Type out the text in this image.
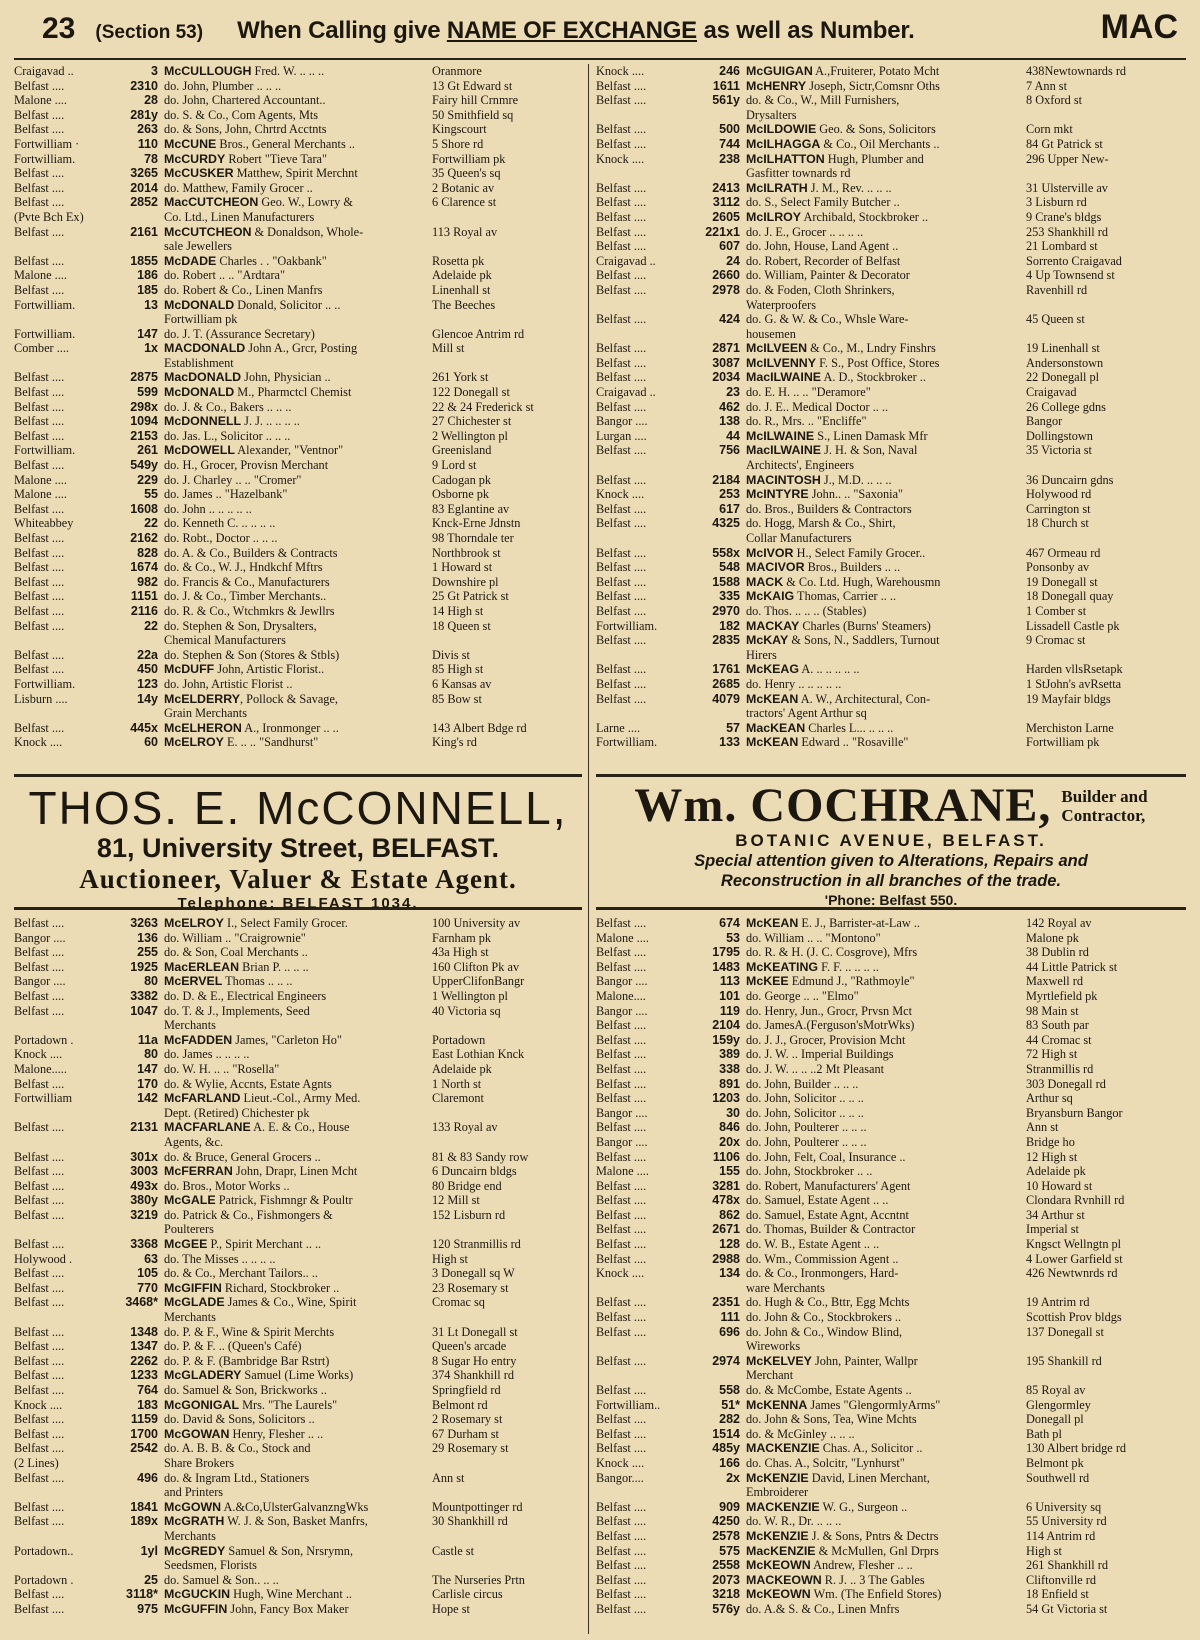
23 (Section 53) When Calling give NAME OF EXCHANGE as well as Number.	MAC
Craigavad ..	3 McCULLOUGH Fred. W. .. .. ..	Oranmore
Belfast ....	2310 do. John, Plumber .. .. ..	13 Gt Edward st
Malone ....	28 do. John, Chartered Accountant..	Fairy hill Crnmre
Belfast ....	281y do. S. & Co., Com Agents, Mts	50 Smithfield sq
Belfast ....	263 do. & Sons, John, Chrtrd Acctnts	Kingscourt
Fortwilliam ·	110 McCUNE Bros., General Merchants ..	5 Shore rd
Fortwilliam.	78 McCURDY Robert "Tieve Tara"	Fortwilliam pk
Belfast ....	3265 McCUSKER Matthew, Spirit Merchnt	35 Queen's sq
Belfast ....	2014 do. Matthew, Family Grocer ..	2 Botanic av
Belfast ....	2852 MacCUTCHEON Geo. W., Lowry &	6 Clarence st
(Pvte Bch Ex)	Co. Ltd., Linen Manufacturers
Belfast ....	2161 McCUTCHEON & Donaldson, Whole-	113 Royal av
sale Jewellers
Belfast ....	1855 McDADE Charles . . "Oakbank"	Rosetta pk
Malone ....	186 do. Robert .. .. "Ardtara"	Adelaide pk
Belfast ....	185 do. Robert & Co., Linen Manfrs	Linenhall st
Fortwilliam.	13 McDONALD Donald, Solicitor .. ..	The Beeches
Fortwilliam pk
Fortwilliam.	147 do. J. T. (Assurance Secretary)	Glencoe Antrim rd
Comber ....	1x MACDONALD John A., Grcr, Posting	Mill st
Establishment
Belfast ....	2875 MacDONALD John, Physician ..	261 York st
Belfast ....	599 McDONALD M., Pharmctcl Chemist	122 Donegall st
Belfast ....	298x do. J. & Co., Bakers .. .. ..	22 & 24 Frederick st
Belfast ....	1094 McDONNELL J. J. .. .. .. ..	27 Chichester st
Belfast ....	2153 do. Jas. L., Solicitor .. .. ..	2 Wellington pl
Fortwilliam.	261 McDOWELL Alexander, "Ventnor"	Greenisland
Belfast ....	549y do. H., Grocer, Provisn Merchant	9 Lord st
Malone ....	229 do. J. Charley .. .. "Cromer"	Cadogan pk
Malone ....	55 do. James .. "Hazelbank"	Osborne pk
Belfast ....	1608 do. John .. .. .. .. ..	83 Eglantine av
Whiteabbey	22 do. Kenneth C. .. .. .. ..	Knck-Erne Jdnstn
Belfast ....	2162 do. Robt., Doctor .. .. ..	98 Thorndale ter
Belfast ....	828 do. A. & Co., Builders & Contracts	Northbrook st
Belfast ....	1674 do. & Co., W. J., Hndkchf Mftrs	1 Howard st
Belfast ....	982 do. Francis & Co., Manufacturers	Downshire pl
Belfast ....	1151 do. J. & Co., Timber Merchants..	25 Gt Patrick st
Belfast ....	2116 do. R. & Co., Wtchmkrs & Jewllrs	14 High st
Belfast ....	22 do. Stephen & Son, Drysalters,	18 Queen st
Chemical Manufacturers
Belfast ....	22a do. Stephen & Son (Stores & Stbls)	Divis st
Belfast ....	450 McDUFF John, Artistic Florist..	85 High st
Fortwilliam.	123 do. John, Artistic Florist ..	6 Kansas av
Lisburn ....	14y McELDERRY, Pollock & Savage,	85 Bow st
Grain Merchants
Belfast ....	445x McELHERON A., Ironmonger .. ..	143 Albert Bdge rd
Knock ....	60 McELROY E. .. .. "Sandhurst"	King's rd
Knock ....	246 McGUIGAN A.,Fruiterer, Potato Mcht	438Newtownards rd
Belfast ....	1611 McHENRY Joseph, Sictr,Comsnr Oths	7 Ann st
Belfast ....	561y do. & Co., W., Mill Furnishers,	8 Oxford st
Drysalters
Belfast ....	500 McILDOWIE Geo. & Sons, Solicitors	Corn mkt
Belfast ....	744 McILHAGGA & Co., Oil Merchants ..	84 Gt Patrick st
Knock ....	238 McILHATTON Hugh, Plumber and	296 Upper New-
Gasfitter townards rd
Belfast ....	2413 McILRATH J. M., Rev. .. .. ..	31 Ulsterville av
Belfast ....	3112 do. S., Select Family Butcher ..	3 Lisburn rd
Belfast ....	2605 McILROY Archibald, Stockbroker ..	9 Crane's bldgs
Belfast ....	221x1 do. J. E., Grocer .. .. .. ..	253 Shankhill rd
Belfast ....	607 do. John, House, Land Agent ..	21 Lombard st
Craigavad ..	24 do. Robert, Recorder of Belfast	Sorrento Craigavad
Belfast ....	2660 do. William, Painter & Decorator	4 Up Townsend st
Belfast ....	2978 do. & Foden, Cloth Shrinkers,	Ravenhill rd
Waterproofers
Belfast ....	424 do. G. & W. & Co., Whsle Ware-	45 Queen st
housemen
Belfast ....	2871 McILVEEN & Co., M., Lndry Finshrs	19 Linenhall st
Belfast ....	3087 McILVENNY F. S., Post Office, Stores	Andersonstown
Belfast ....	2034 MacILWAINE A. D., Stockbroker ..	22 Donegall pl
Craigavad ..	23 do. E. H. .. .. "Deramore"	Craigavad
Belfast ....	462 do. J. E.. Medical Doctor .. ..	26 College gdns
Bangor ....	138 do. R., Mrs. .. "Encliffe"	Bangor
Lurgan ....	44 McILWAINE S., Linen Damask Mfr	Dollingstown
Belfast ....	756 MacILWAINE J. H. & Son, Naval	35 Victoria st
Architects', Engineers
Belfast ....	2184 MACINTOSH J., M.D. .. .. ..	36 Duncairn gdns
Knock ....	253 McINTYRE John.. .. "Saxonia"	Holywood rd
Belfast ....	617 do. Bros., Builders & Contractors	Carrington st
Belfast ....	4325 do. Hogg, Marsh & Co., Shirt,	18 Church st
Collar Manufacturers
Belfast ....	558x McIVOR H., Select Family Grocer..	467 Ormeau rd
Belfast ....	548 MACIVOR Bros., Builders .. ..	Ponsonby av
Belfast ....	1588 MACK & Co. Ltd. Hugh, Warehousmn	19 Donegall st
Belfast ....	335 McKAIG Thomas, Carrier .. ..	18 Donegall quay
Belfast ....	2970 do. Thos. .. .. .. (Stables)	1 Comber st
Fortwilliam.	182 MACKAY Charles (Burns' Steamers)	Lissadell Castle pk
Belfast ....	2835 McKAY & Sons, N., Saddlers, Turnout	9 Cromac st
Hirers
Belfast ....	1761 McKEAG A. .. .. .. .. ..	Harden vllsRsetapk
Belfast ....	2685 do. Henry .. .. .. .. ..	1 StJohn's avRsetta
Belfast ....	4079 McKEAN A. W., Architectural, Con-	19 Mayfair bldgs
tractors' Agent Arthur sq
Larne ....	57 MacKEAN Charles L... .. .. ..	Merchiston Larne
Fortwilliam.	133 McKEAN Edward .. "Rosaville"	Fortwilliam pk
THOS. E. McCONNELL,
81, University Street, BELFAST.
Auctioneer, Valuer & Estate Agent.
Telephone: BELFAST 1034.
Wm. COCHRANE, Builder and
Contractor,
BOTANIC AVENUE, BELFAST.
Special attention given to Alterations, Repairs and
Reconstruction in all branches of the trade.
'Phone: Belfast 550.
Belfast ....	3263 McELROY I., Select Family Grocer.	100 University av
Bangor ....	136 do. William .. "Craigrownie"	Farnham pk
Belfast ....	255 do. & Son, Coal Merchants ..	43a High st
Belfast ....	1925 MacERLEAN Brian P. .. .. ..	160 Clifton Pk av
Bangor ....	80 McERVEL Thomas .. .. ..	UpperClifonBangr
Belfast ....	3382 do. D. & E., Electrical Engineers	1 Wellington pl
Belfast ....	1047 do. T. & J., Implements, Seed	40 Victoria sq
Merchants
Portadown .	11a McFADDEN James, "Carleton Ho"	Portadown
Knock ....	80 do. James .. .. .. ..	East Lothian Knck
Malone.....	147 do. W. H. .. .. "Rosella"	Adelaide pk
Belfast ....	170 do. & Wylie, Accnts, Estate Agnts	1 North st
Fortwilliam	142 McFARLAND Lieut.-Col., Army Med.	Claremont
Dept. (Retired) Chichester pk
Belfast ....	2131 MACFARLANE A. E. & Co., House	133 Royal av
Agents, &c.
Belfast ....	301x do. & Bruce, General Grocers ..	81 & 83 Sandy row
Belfast ....	3003 McFERRAN John, Drapr, Linen Mcht	6 Duncairn bldgs
Belfast ....	493x do. Bros., Motor Works ..	80 Bridge end
Belfast ....	380y McGALE Patrick, Fishmngr & Poultr	12 Mill st
Belfast ....	3219 do. Patrick & Co., Fishmongers &	152 Lisburn rd
Poulterers
Belfast ....	3368 McGEE P., Spirit Merchant .. ..	120 Stranmillis rd
Holywood .	63 do. The Misses .. .. .. ..	High st
Belfast ....	105 do. & Co., Merchant Tailors.. ..	3 Donegall sq W
Belfast ....	770 McGIFFIN Richard, Stockbroker ..	23 Rosemary st
Belfast ....	3468* McGLADE James & Co., Wine, Spirit	Cromac sq
Merchants
Belfast ....	1348 do. P. & F., Wine & Spirit Merchts	31 Lt Donegall st
Belfast ....	1347 do. P. & F. .. (Queen's Café)	Queen's arcade
Belfast ....	2262 do. P. & F. (Bambridge Bar Rstrt)	8 Sugar Ho entry
Belfast ....	1233 McGLADERY Samuel (Lime Works)	374 Shankhill rd
Belfast ....	764 do. Samuel & Son, Brickworks ..	Springfield rd
Knock ....	183 McGONIGAL Mrs. "The Laurels"	Belmont rd
Belfast ....	1159 do. David & Sons, Solicitors ..	2 Rosemary st
Belfast ....	1700 McGOWAN Henry, Flesher .. ..	67 Durham st
Belfast ....	2542 do. A. B. B. & Co., Stock and	29 Rosemary st
(2 Lines)	Share Brokers
Belfast ....	496 do. & Ingram Ltd., Stationers	Ann st
and Printers
Belfast ....	1841 McGOWN A.&Co,UlsterGalvanzngWks	Mountpottinger rd
Belfast ....	189x McGRATH W. J. & Son, Basket Manfrs,	30 Shankhill rd
Merchants
Portadown..	1yl McGREDY Samuel & Son, Nrsrymn,	Castle st
Seedsmen, Florists
Portadown .	25 do. Samuel & Son.. .. ..	The Nurseries Prtn
Belfast ....	3118* McGUCKIN Hugh, Wine Merchant ..	Carlisle circus
Belfast ....	975 McGUFFIN John, Fancy Box Maker	Hope st
Belfast ....	674 McKEAN E. J., Barrister-at-Law ..	142 Royal av
Malone ....	53 do. William .. .. "Montono"	Malone pk
Belfast ....	1795 do. R. & H. (J. C. Cosgrove), Mfrs	38 Dublin rd
Belfast ....	1483 McKEATING F. F. .. .. .. ..	44 Little Patrick st
Bangor ....	113 McKEE Edmund J., "Rathmoyle"	Maxwell rd
Malone....	101 do. George .. .. "Elmo"	Myrtlefield pk
Bangor ....	119 do. Henry, Jun., Grocr, Prvsn Mct	98 Main st
Belfast ....	2104 do. JamesA.(Ferguson'sMotrWks)	83 South par
Belfast ....	159y do. J. J., Grocer, Provision Mcht	44 Cromac st
Belfast ....	389 do. J. W. .. Imperial Buildings	72 High st
Belfast ....	338 do. J. W. .. .. ..2 Mt Pleasant	Stranmillis rd
Belfast ....	891 do. John, Builder .. .. ..	303 Donegall rd
Belfast ....	1203 do. John, Solicitor .. .. ..	Arthur sq
Bangor ....	30 do. John, Solicitor .. .. ..	Bryansburn Bangor
Belfast ....	846 do. John, Poulterer .. .. ..	Ann st
Bangor ....	20x do. John, Poulterer .. .. ..	Bridge ho
Belfast ....	1106 do. John, Felt, Coal, Insurance ..	12 High st
Malone ....	155 do. John, Stockbroker .. ..	Adelaide pk
Belfast ....	3281 do. Robert, Manufacturers' Agent	10 Howard st
Belfast ....	478x do. Samuel, Estate Agent .. ..	Clondara Rvnhill rd
Belfast ....	862 do. Samuel, Estate Agnt, Accntnt	34 Arthur st
Belfast ....	2671 do. Thomas, Builder & Contractor	Imperial st
Belfast ....	128 do. W. B., Estate Agent .. ..	Kngsct Wellngtn pl
Belfast ....	2988 do. Wm., Commission Agent ..	4 Lower Garfield st
Knock ....	134 do. & Co., Ironmongers, Hard-	426 Newtwnrds rd
ware Merchants
Belfast ....	2351 do. Hugh & Co., Bttr, Egg Mchts	19 Antrim rd
Belfast ....	111 do. John & Co., Stockbrokers ..	Scottish Prov bldgs
Belfast ....	696 do. John & Co., Window Blind,	137 Donegall st
Wireworks
Belfast ....	2974 McKELVEY John, Painter, Wallpr	195 Shankill rd
Merchant
Belfast ....	558 do. & McCombe, Estate Agents ..	85 Royal av
Fortwilliam..	51* McKENNA James "GlengormlyArms"	Glengormley
Belfast ....	282 do. John & Sons, Tea, Wine Mchts	Donegall pl
Belfast ....	1514 do. & McGinley .. .. ..	Bath pl
Belfast ....	485y MACKENZIE Chas. A., Solicitor ..	130 Albert bridge rd
Knock ....	166 do. Chas. A., Solcitr, "Lynhurst"	Belmont pk
Bangor....	2x McKENZIE David, Linen Merchant,	Southwell rd
Embroiderer
Belfast ....	909 MACKENZIE W. G., Surgeon ..	6 University sq
Belfast ....	4250 do. W. R., Dr. .. .. ..	55 University rd
Belfast ....	2578 McKENZIE J. & Sons, Pntrs & Dectrs	114 Antrim rd
Belfast ....	575 MacKENZIE & McMullen, Gnl Drprs	High st
Belfast ....	2558 McKEOWN Andrew, Flesher .. ..	261 Shankhill rd
Belfast ....	2073 MACKEOWN R. J. .. 3 The Gables	Cliftonville rd
Belfast ....	3218 McKEOWN Wm. (The Enfield Stores)	18 Enfield st
Belfast ....	576y do. A.& S. & Co., Linen Mnfrs	54 Gt Victoria st
